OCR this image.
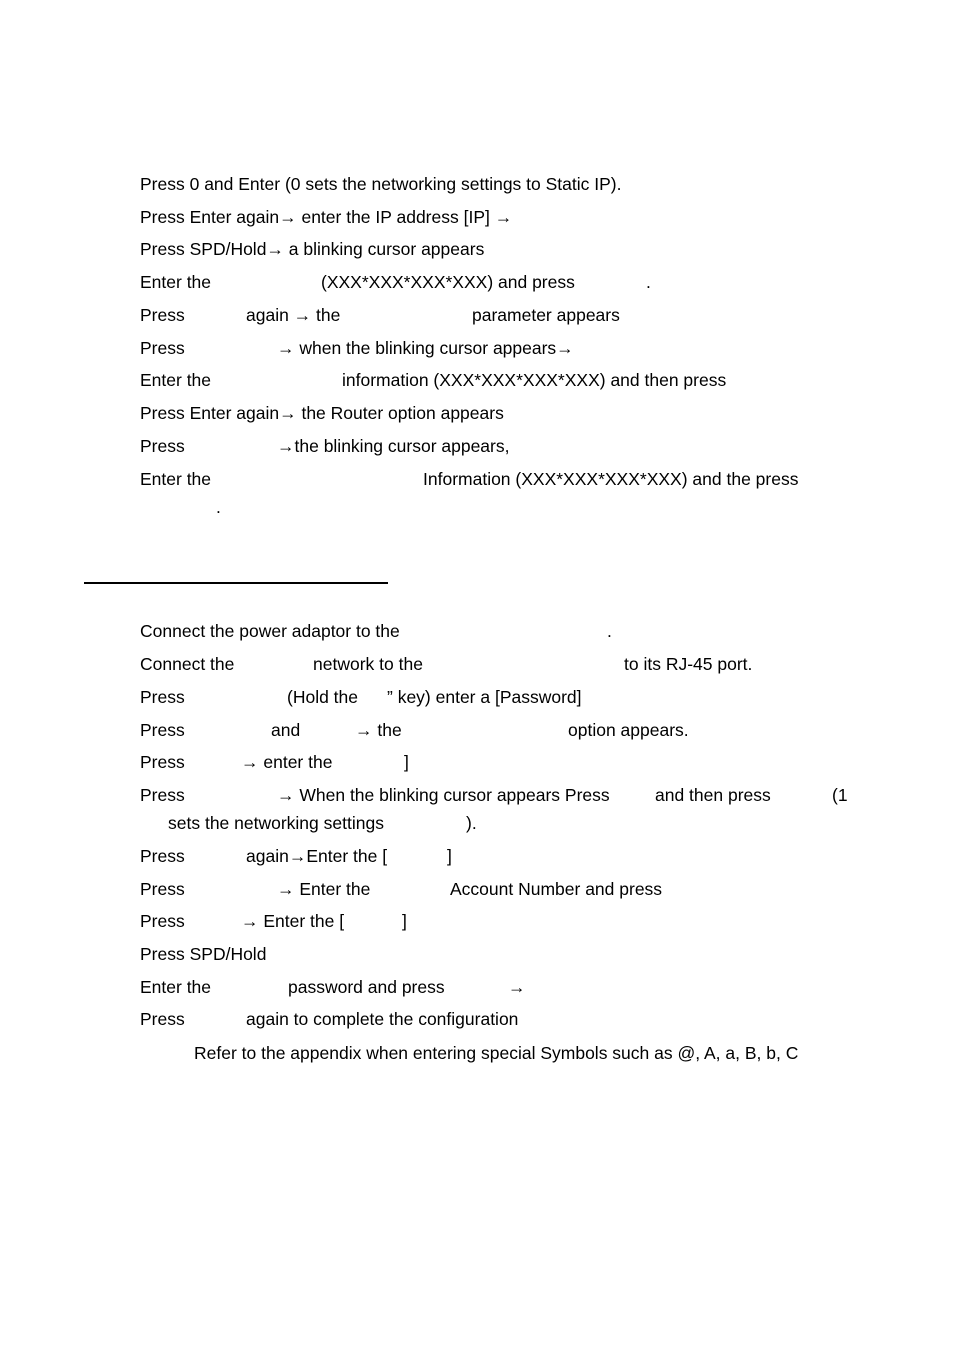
Press 0 and Enter (0 sets the networking settings to Static IP).

Press Enter again→ enter the IP address [IP] →

Press SPD/Hold→ a blinking cursor appears

Enter the	(XXX*XXX*XXX*XXX) and press	.

Press	again → the	parameter appears

Press	→ when the blinking cursor appears→

Enter the	information (XXX*XXX*XXX*XXX) and then press

Press Enter again→ the Router option appears

Press	→the blinking cursor appears,

Enter the	Information (XXX*XXX*XXX*XXX) and the press

.

Connect the power adaptor to the	.

Connect the	network to the	to its RJ-45 port.

Press	(Hold the ” key) enter a [Password]

Press	and	→ the	option appears.

Press	→ enter the	]

Press	→ When the blinking cursor appears Press	and then press	(1

sets the networking settings	).

Press	again→Enter the [	]

Press	→ Enter the	Account Number and press

Press	→ Enter the [	]

Press SPD/Hold

Enter the	password and press	→

Press	again to complete the configuration

Refer to the appendix when entering special Symbols such as @, A, a, B, b, C
